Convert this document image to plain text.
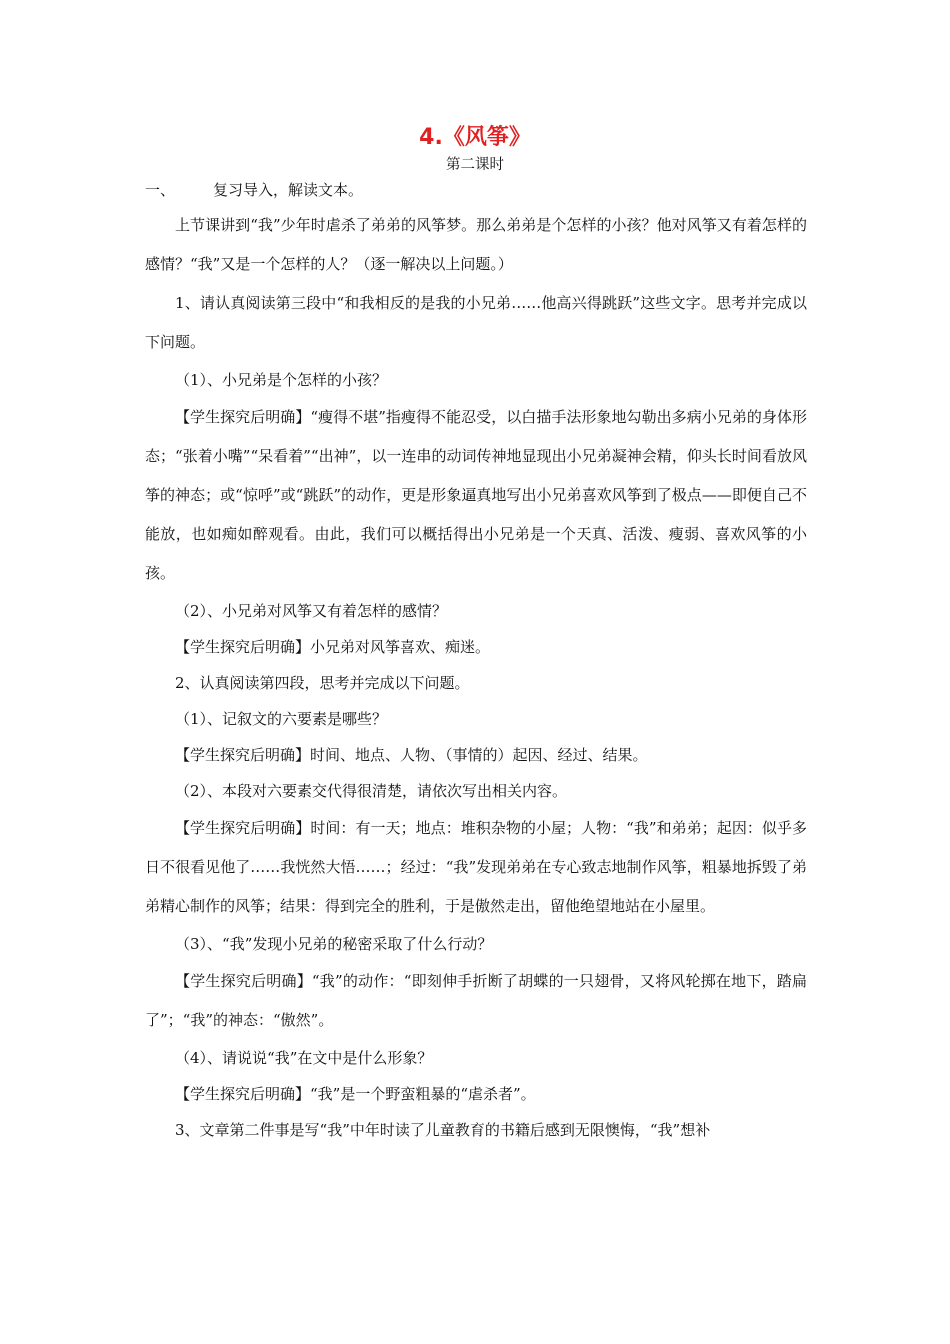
4.《风筝》
第二课时
一、	复习导入，解读文本。

上节课讲到“我”少年时虐杀了弟弟的风筝梦。那么弟弟是个怎样的小孩？他对风筝又有着怎样的感情？“我”又是一个怎样的人？（逐一解决以上问题。）

1、请认真阅读第三段中“和我相反的是我的小兄弟……他高兴得跳跃”这些文字。思考并完成以下问题。

（1）、小兄弟是个怎样的小孩？

【学生探究后明确】“瘦得不堪”指瘦得不能忍受，以白描手法形象地勾勒出多病小兄弟的身体形态；“张着小嘴”“呆看着”“出神”，以一连串的动词传神地显现出小兄弟凝神会精，仰头长时间看放风筝的神态；或“惊呼”或“跳跃”的动作，更是形象逼真地写出小兄弟喜欢风筝到了极点——即便自己不能放，也如痴如醉观看。由此，我们可以概括得出小兄弟是一个天真、活泼、瘦弱、喜欢风筝的小孩。

（2）、小兄弟对风筝又有着怎样的感情？

【学生探究后明确】小兄弟对风筝喜欢、痴迷。

2、认真阅读第四段，思考并完成以下问题。

（1）、记叙文的六要素是哪些？

【学生探究后明确】时间、地点、人物、（事情的）起因、经过、结果。

（2）、本段对六要素交代得很清楚，请依次写出相关内容。

【学生探究后明确】时间：有一天；地点：堆积杂物的小屋；人物：“我”和弟弟；起因：似乎多日不很看见他了……我恍然大悟……；经过：“我”发现弟弟在专心致志地制作风筝，粗暴地拆毁了弟弟精心制作的风筝；结果：得到完全的胜利，于是傲然走出，留他绝望地站在小屋里。

（3）、“我”发现小兄弟的秘密采取了什么行动？

【学生探究后明确】“我”的动作：“即刻伸手折断了胡蝶的一只翅骨，又将风轮掷在地下，踏扁了”；“我”的神态：“傲然”。

（4）、请说说“我”在文中是什么形象？

【学生探究后明确】“我”是一个野蛮粗暴的“虐杀者”。

3、文章第二件事是写“我”中年时读了儿童教育的书籍后感到无限懊悔，“我”想补
